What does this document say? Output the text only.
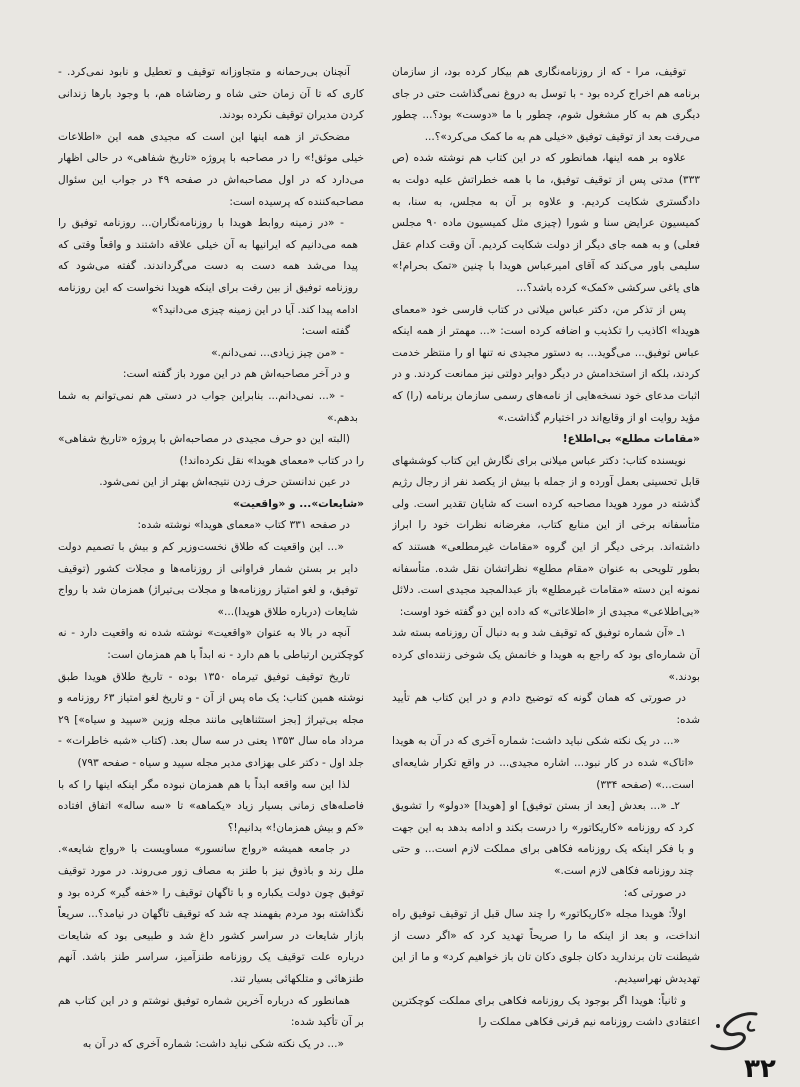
توقیف، مرا - که از روزنامه‌نگاری هم بیکار کرده بود، از سازمان برنامه هم اخراج کرده بود - با توسل به دروغ نمی‌گذاشت حتی در جای دیگری هم به کار مشغول شوم، چطور با ما «دوست» بود؟... چطور می‌رفت بعد از توقیف توفیق «خیلی هم به ما کمک می‌کرد»؟...

علاوه بر همه اینها، همانطور که در این کتاب هم نوشته شده (ص ۳۳۳) مدتی پس از توقیف توفیق، ما با همه خطراتش علیه دولت به دادگستری شکایت کردیم. و علاوه بر آن به مجلس، به سنا، به کمیسیون عرایض سنا و شورا (چیزی مثل کمیسیون ماده ۹۰ مجلس فعلی) و به همه جای دیگر از دولت شکایت کردیم. آن وقت کدام عقل سلیمی باور می‌کند که آقای امیرعباس هویدا با چنین «تمک بحرام!» های یاغی سرکشی «کمک» کرده باشد؟...

پس از تذکر من، دکتر عباس میلانی در کتاب فارسی خود «معمای هویدا» اکاذیب را تکذیب و اضافه کرده است: «... مهمتر از همه اینکه عباس توفیق... می‌گوید... به دستور مجیدی نه تنها او را منتظر خدمت کردند، بلکه از استخدامش در دیگر دوایر دولتی نیز ممانعت کردند. و در اثبات مدعای خود نسخه‌هایی از نامه‌های رسمی سازمان برنامه (را) که مؤید روایت او از وقایع‌اند در اختیارم گذاشت.»

«مقامات مطلع» بی‌اطلاع!

نویسنده کتاب: دکتر عباس میلانی برای نگارش این کتاب کوششهای قابل تحسینی بعمل آورده و از جمله با بیش از یکصد نفر از رجال رژیم گذشته در مورد هویدا مصاحبه کرده است که شایان تقدیر است. ولی متأسفانه برخی از این منابع کتاب، مغرضانه نظرات خود را ابراز داشته‌اند. برخی دیگر از این گروه «مقامات غیرمطلعی» هستند که بطور تلویحی به عنوان «مقام مطلع» نظراتشان نقل شده. متأسفانه نمونه این دسته «مقامات غیرمطلع» باز عبدالمجید مجیدی است. دلائل «بی‌اطلاعی» مجیدی از «اطلاعاتی» که داده این دو گفته خود اوست:

۱ـ «آن شماره توفیق که توقیف شد و به دنبال آن روزنامه بسته شد آن شماره‌ای بود که راجع به هویدا و خانمش یک شوخی زننده‌ای کرده بودند.»

در صورتی که همان گونه که توضیح دادم و در این کتاب هم تأیید شده:

«... در یک نکته شکی نباید داشت: شماره آخری که در آن به هویدا «اتاک» شده در کار نبود... اشاره مجیدی... در واقع تکرار شایعه‌ای است...» (صفحه ۳۳۴)

۲ـ «... بعدش [بعد از بستن توفیق] او [هویدا] «دولو» را تشویق کرد که روزنامه «کاریکاتور» را درست بکند و ادامه بدهد به این جهت و با فکر اینکه یک روزنامه فکاهی برای مملکت لازم است... و حتی چند روزنامه فکاهی لازم است.»

در صورتی که:

اولاً: هویدا مجله «کاریکاتور» را چند سال قبل از توقیف توفیق راه انداخت، و بعد از اینکه ما را صریحاً تهدید کرد که «اگر دست از شیطنت تان برندارید دکان جلوی دکان تان باز خواهیم کرد» و ما از این تهدیدش نهراسیدیم.

و ثانیاً: هویدا اگر بوجود یک روزنامه فکاهی برای مملکت کوچکترین اعتقادی داشت روزنامه نیم قرنی فکاهی مملکت را

آنچنان بی‌رحمانه و متجاوزانه توقیف و تعطیل و نابود نمی‌کرد. - کاری که تا آن زمان حتی شاه و رضاشاه هم، با وجود بارها زندانی کردن مدیران توقیف نکرده بودند.

مضحک‌تر از همه اینها این است که مجیدی همه این «اطلاعات خیلی موثق!» را در مصاحبه با پروژه «تاریخ شفاهی» در حالی اظهار می‌دارد که در اول مصاحبه‌اش در صفحه ۴۹ در جواب این سئوال مصاحبه‌کننده که پرسیده است:

- «در زمینه روابط هویدا با روزنامه‌نگاران... روزنامه توفیق را همه می‌دانیم که ایرانیها به آن خیلی علاقه داشتند و واقعاً وقتی که پیدا می‌شد همه دست به دست می‌گرداندند. گفته می‌شود که روزنامه توفیق از بین رفت برای اینکه هویدا نخواست که این روزنامه ادامه پیدا کند. آیا در این زمینه چیزی می‌دانید؟»

گفته است:

- «من چیز زیادی... نمی‌دانم.»

و در آخر مصاحبه‌اش هم در این مورد باز گفته است:

- «... نمی‌دانم... بنابراین جواب در دستی هم نمی‌توانم به شما بدهم.»

(البته این دو حرف مجیدی در مصاحبه‌اش با پروژه «تاریخ شفاهی» را در کتاب «معمای هویدا» نقل نکرده‌اند!)

در عین ندانستن حرف زدن نتیجه‌اش بهتر از این نمی‌شود.

«شایعات»... و «واقعیت»

در صفحه ۳۳۱ کتاب «معمای هویدا» نوشته شده:

«... این واقعیت که طلاق نخست‌وزیر کم و بیش با تصمیم دولت دایر بر بستن شمار فراوانی از روزنامه‌ها و مجلات کشور (توقیف توفیق، و لغو امتیاز روزنامه‌ها و مجلات بی‌تیراژ) همزمان شد با رواج شایعات (درباره طلاق هویدا)...»

آنچه در بالا به عنوان «واقعیت» نوشته شده نه واقعیت دارد - نه کوچکترین ارتباطی با هم دارد - نه ابداً با هم همزمان است:

تاریخ توقیف توفیق تیرماه ۱۳۵۰ بوده - تاریخ طلاق هویدا طبق نوشته همین کتاب: یک ماه پس از آن - و تاریخ لغو امتیاز ۶۳ روزنامه و مجله بی‌تیراژ [بجز استثناهایی مانند مجله وزین «سپید و سیاه»] ۲۹ مرداد ماه سال ۱۳۵۳ یعنی در سه سال بعد. (کتاب «شبه خاطرات» - جلد اول - دکتر علی بهزادی مدیر مجله سپید و سیاه - صفحه ۷۹۳)

لذا این سه واقعه ابداً با هم همزمان نبوده مگر اینکه اینها را که با فاصله‌های زمانی بسیار زیاد «یکماهه» تا «سه ساله» اتفاق افتاده «کم و بیش همزمان!» بدانیم!؟

در جامعه همیشه «رواج سانسور» مساویست با «رواج شایعه». ملل رند و باذوق نیز با طنز به مصاف زور می‌روند. در مورد توقیف توفیق چون دولت یکباره و با تاگهان توقیف را «خفه گیر» کرده بود و نگذاشته بود مردم بفهمند چه شد که توقیف تاگهان در نیامد؟... سریعاً بازار شایعات در سراسر کشور داغ شد و طبیعی بود که شایعات درباره علت توقیف یک روزنامه طنزآمیز، سراسر طنز باشد. آنهم طنزهائی و متلکهائی بسیار تند.

همانطور که درباره آخرین شماره توفیق نوشتم و در این کتاب هم بر آن تأکید شده:

«... در یک نکته شکی نباید داشت: شماره آخری که در آن به

۳۲
